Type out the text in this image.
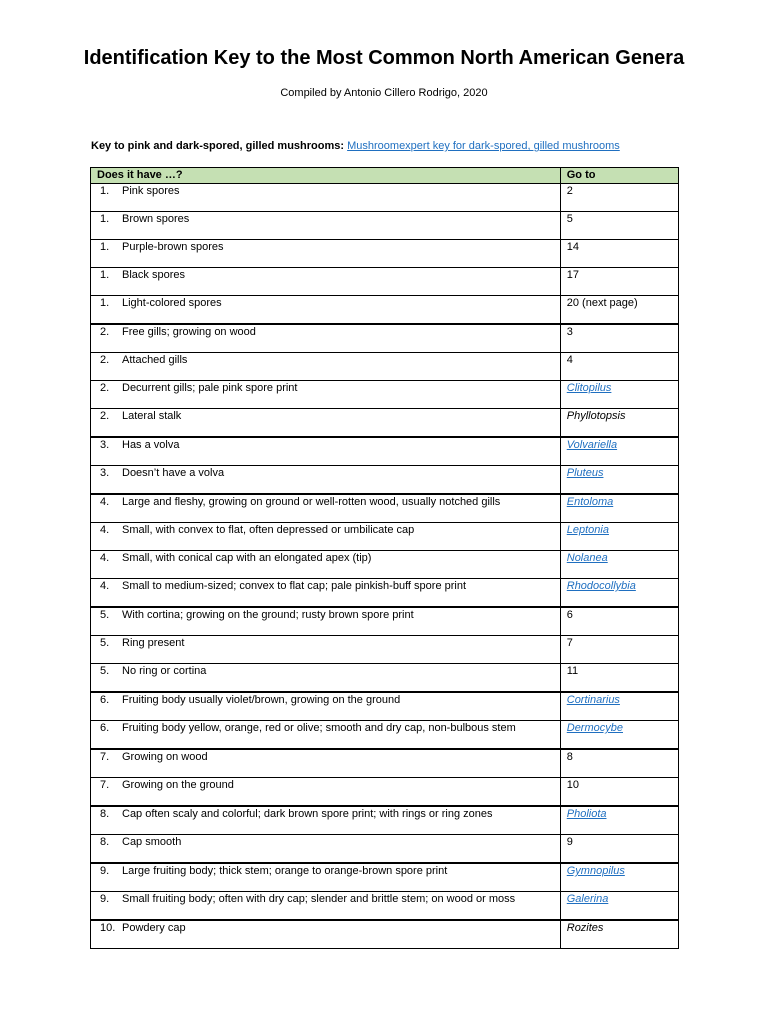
Identification Key to the Most Common North American Genera
Compiled by Antonio Cillero Rodrigo, 2020
Key to pink and dark-spored, gilled mushrooms: Mushroomexpert key for dark-spored, gilled mushrooms
Does it have …?	Go to
1. Pink spores	2
1. Brown spores	5
1. Purple-brown spores	14
1. Black spores	17
1. Light-colored spores	20 (next page)
2. Free gills; growing on wood	3
2. Attached gills	4
2. Decurrent gills; pale pink spore print	Clitopilus
2. Lateral stalk	Phyllotopsis
3. Has a volva	Volvariella
3. Doesn’t have a volva	Pluteus
4. Large and fleshy, growing on ground or well-rotten wood, usually notched gills	Entoloma
4. Small, with convex to flat, often depressed or umbilicate cap	Leptonia
4. Small, with conical cap with an elongated apex (tip)	Nolanea
4. Small to medium-sized; convex to flat cap; pale pinkish-buff spore print	Rhodocollybia
5. With cortina; growing on the ground; rusty brown spore print	6
5. Ring present	7
5. No ring or cortina	11
6. Fruiting body usually violet/brown, growing on the ground	Cortinarius
6. Fruiting body yellow, orange, red or olive; smooth and dry cap, non-bulbous stem	Dermocybe
7. Growing on wood	8
7. Growing on the ground	10
8. Cap often scaly and colorful; dark brown spore print; with rings or ring zones	Pholiota
8. Cap smooth	9
9. Large fruiting body; thick stem; orange to orange-brown spore print	Gymnopilus
9. Small fruiting body; often with dry cap; slender and brittle stem; on wood or moss	Galerina
10. Powdery cap	Rozites
